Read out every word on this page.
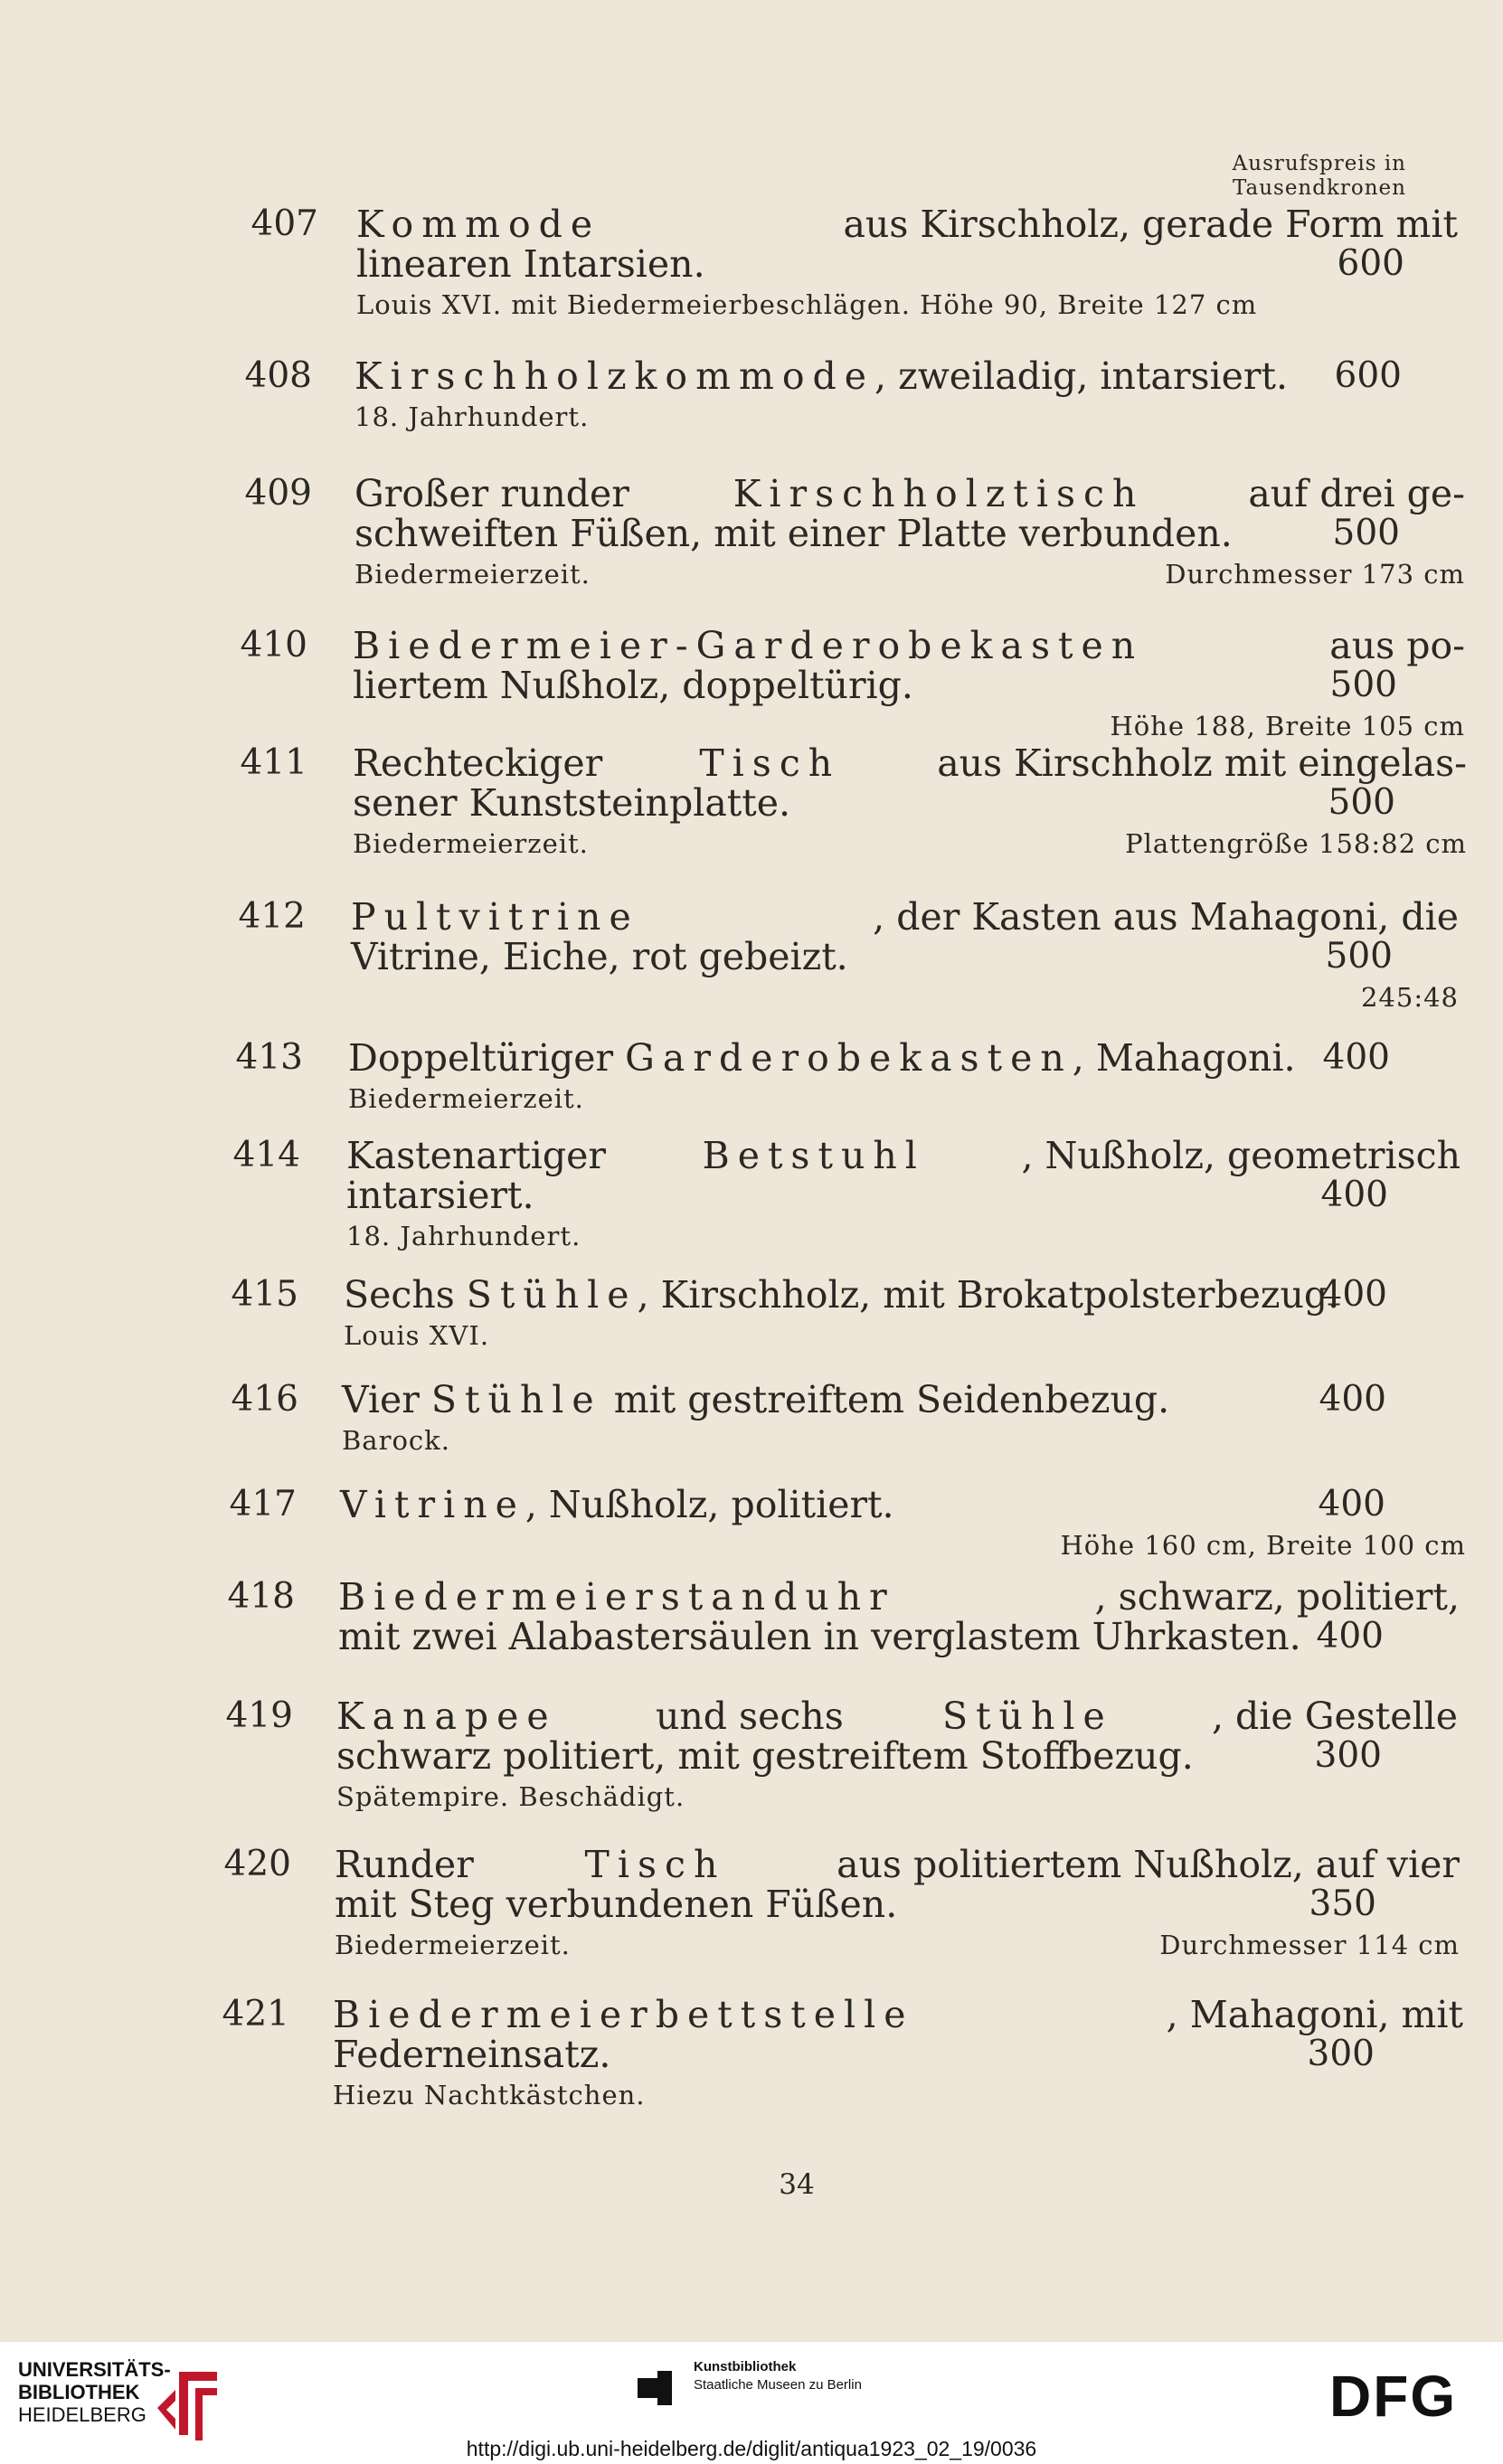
Ausrufspreis in
Tausendkronen
407 Kommode	aus Kirschholz, gerade Form mit
linearen Intarsien.
Louis XVI. mit Biedermeierbeschlägen. Höhe 90, Breite 127 cm
600
408 Kirschholzkommode, zweiladig, intarsiert.
18. Jahrhundert.
600
409 Großer runder	Kirschholztisch	auf drei ge-
schweiften Füßen, mit einer Platte verbunden.
Biedermeierzeit.	Durchmesser 173 cm
500
410 Biedermeier-Garderobekasten	aus po-
liertem Nußholz, doppeltürig.
Höhe 188, Breite 105 cm
500
411 Rechteckiger	Tisch	aus Kirschholz mit eingelas-
sener Kunststeinplatte.
Biedermeierzeit.	Plattengröße 158:82 cm
500
412 Pultvitrine	, der Kasten aus Mahagoni, die
Vitrine, Eiche, rot gebeizt.
245:48
500
413 Doppeltüriger Garderobekasten, Mahagoni.
Biedermeierzeit.
400
414 Kastenartiger	Betstuhl	, Nußholz, geometrisch
intarsiert.
18. Jahrhundert.
400
415 Sechs Stühle, Kirschholz, mit Brokatpolsterbezug.
Louis XVI.
400
416 Vier Stühle mit gestreiftem Seidenbezug.
Barock.
400
417 Vitrine, Nußholz, politiert.
Höhe 160 cm, Breite 100 cm
400
418 Biedermeierstanduhr	, schwarz, politiert,
mit zwei Alabastersäulen in verglastem Uhrkasten. 400
419 Kanapee	und sechs	Stühle	, die Gestelle
schwarz politiert, mit gestreiftem Stoffbezug.
Spätempire. Beschädigt.
300
420 Runder	Tisch	aus politiertem Nußholz, auf vier
mit Steg verbundenen Füßen.
Biedermeierzeit.	Durchmesser 114 cm
350
421 Biedermeierbettstelle	, Mahagoni, mit
Federneinsatz.
Hiezu Nachtkästchen.
300
34
UNIVERSITÄTS-
BIBLIOTHEK
HEIDELBERG
Kunstbibliothek
Staatliche Museen zu Berlin	DFG
http://digi.ub.uni-heidelberg.de/diglit/antiqua1923_02_19/0036
